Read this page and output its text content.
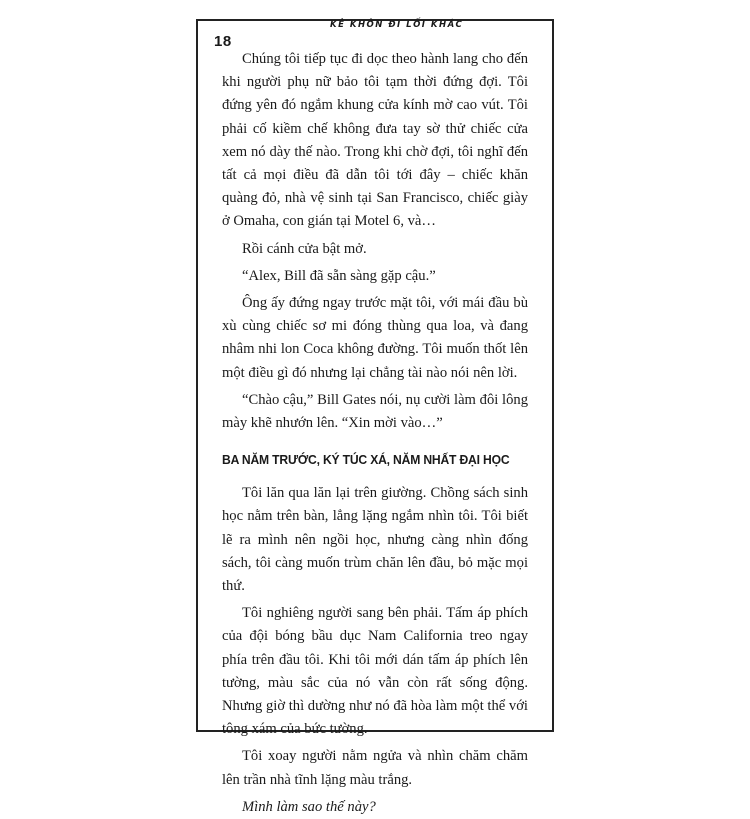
18
KẺ KHÔN ĐI LỐI KHÁC

Chúng tôi tiếp tục đi dọc theo hành lang cho đến khi người phụ nữ bảo tôi tạm thời đứng đợi. Tôi đứng yên đó ngắm khung cửa kính mờ cao vút. Tôi phải cố kiềm chế không đưa tay sờ thử chiếc cửa xem nó dày thế nào. Trong khi chờ đợi, tôi nghĩ đến tất cả mọi điều đã dẫn tôi tới đây – chiếc khăn quàng đỏ, nhà vệ sinh tại San Francisco, chiếc giày ở Omaha, con gián tại Motel 6, và…

Rồi cánh cửa bật mở.

“Alex, Bill đã sẵn sàng gặp cậu.”

Ông ấy đứng ngay trước mặt tôi, với mái đầu bù xù cùng chiếc sơ mi đóng thùng qua loa, và đang nhâm nhi lon Coca không đường. Tôi muốn thốt lên một điều gì đó nhưng lại chẳng tài nào nói nên lời.

“Chào cậu,” Bill Gates nói, nụ cười làm đôi lông mày khẽ nhướn lên. “Xin mời vào…”

BA NĂM TRƯỚC, KÝ TÚC XÁ, NĂM NHẤT ĐẠI HỌC

Tôi lăn qua lăn lại trên giường. Chồng sách sinh học nằm trên bàn, lẳng lặng ngắm nhìn tôi. Tôi biết lẽ ra mình nên ngồi học, nhưng càng nhìn đống sách, tôi càng muốn trùm chăn lên đầu, bỏ mặc mọi thứ.

Tôi nghiêng người sang bên phải. Tấm áp phích của đội bóng bầu dục Nam California treo ngay phía trên đầu tôi. Khi tôi mới dán tấm áp phích lên tường, màu sắc của nó vẫn còn rất sống động. Nhưng giờ thì dường như nó đã hòa làm một thể với tông xám của bức tường.

Tôi xoay người nằm ngửa và nhìn chăm chăm lên trần nhà tĩnh lặng màu trắng.

Mình làm sao thế này?
